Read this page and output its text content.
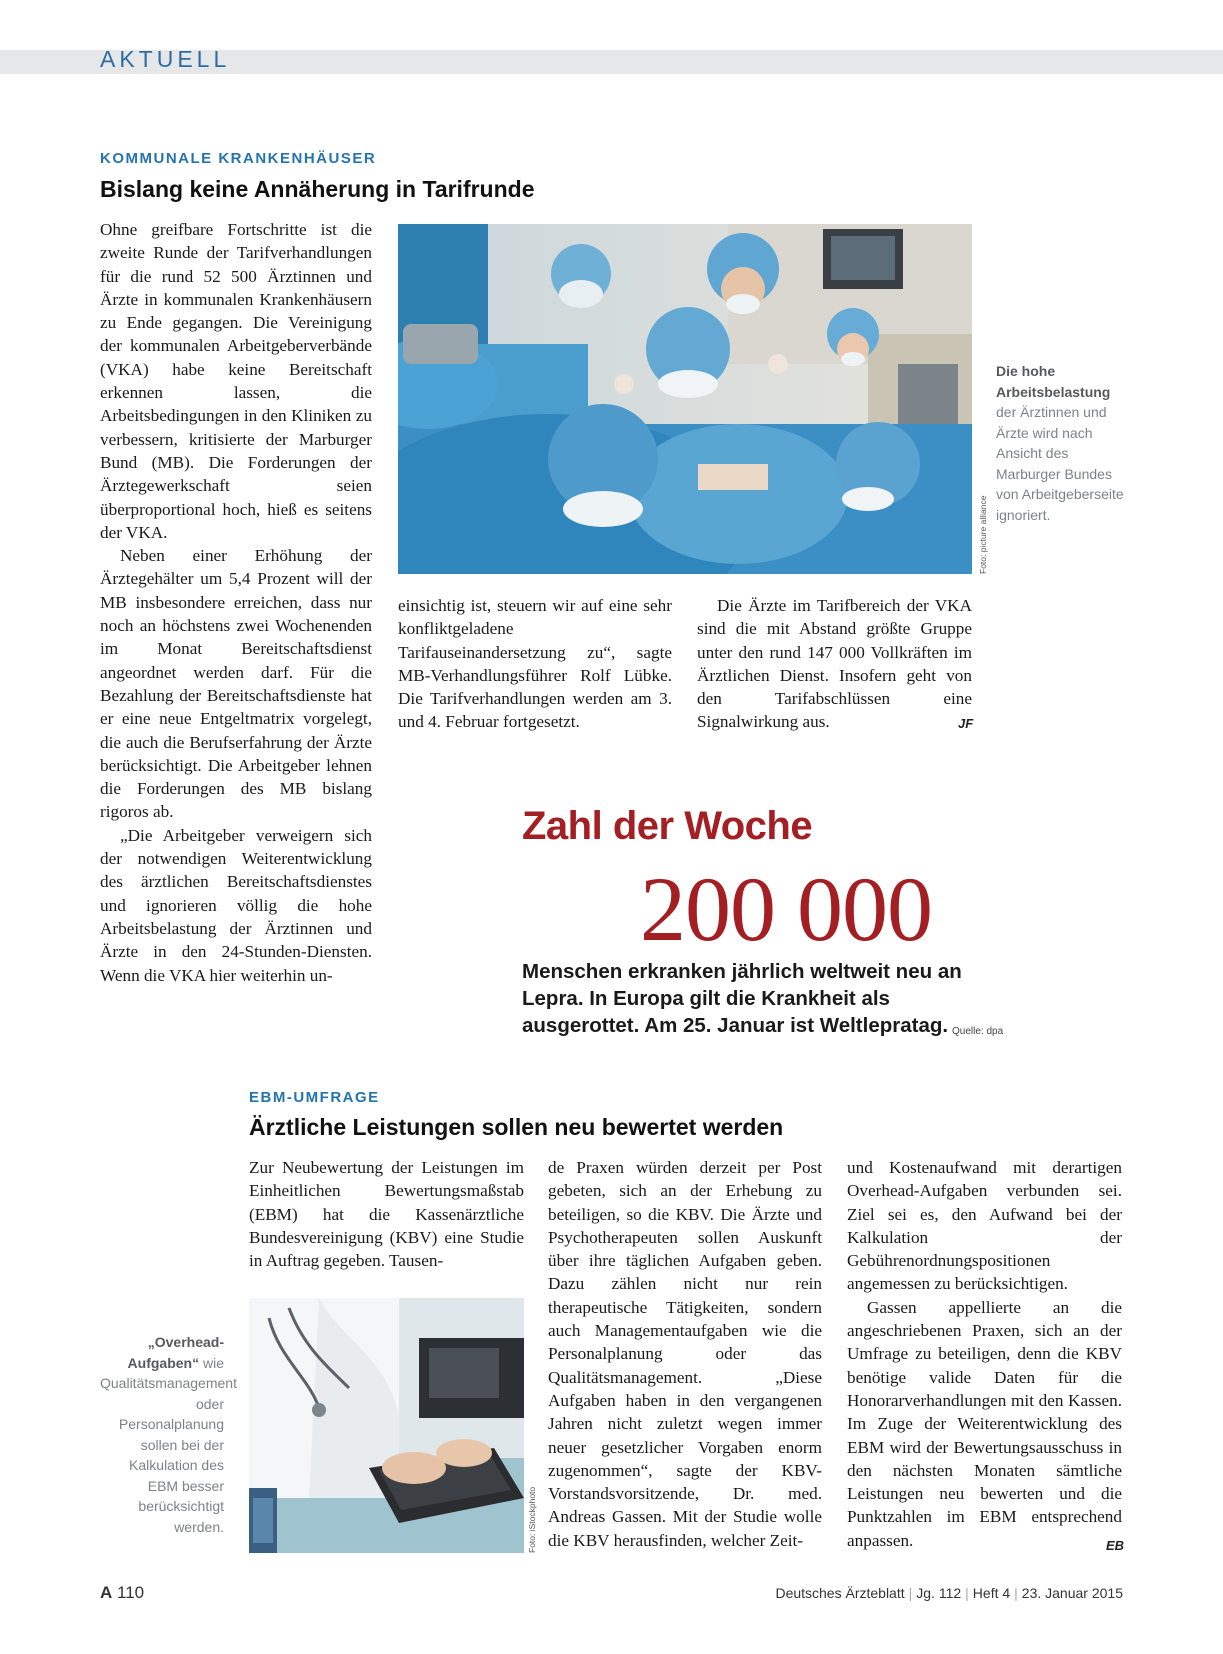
AKTUELL
KOMMUNALE KRANKENHÄUSER
Bislang keine Annäherung in Tarifrunde

Ohne greifbare Fortschritte ist die zweite Runde der Tarifverhandlungen für die rund 52 500 Ärztinnen und Ärzte in kommunalen Krankenhäusern zu Ende gegangen. Die Vereinigung der kommunalen Arbeitgeberverbände (VKA) habe keine Bereitschaft erkennen lassen, die Arbeitsbedingungen in den Kliniken zu verbessern, kritisierte der Marburger Bund (MB). Die Forderungen der Ärztegewerkschaft seien überproportional hoch, hieß es seitens der VKA.

Neben einer Erhöhung der Ärztegehälter um 5,4 Prozent will der MB insbesondere erreichen, dass nur noch an höchstens zwei Wochenenden im Monat Bereitschaftsdienst angeordnet werden darf. Für die Bezahlung der Bereitschaftsdienste hat er eine neue Entgeltmatrix vorgelegt, die auch die Berufserfahrung der Ärzte berücksichtigt. Die Arbeitgeber lehnen die Forderungen des MB bislang rigoros ab.

„Die Arbeitgeber verweigern sich der notwendigen Weiterentwicklung des ärztlichen Bereitschaftsdienstes und ignorieren völlig die hohe Arbeitsbelastung der Ärztinnen und Ärzte in den 24-Stunden-Diensten. Wenn die VKA hier weiterhin un-

Foto: picture alliance
Die hohe Arbeitsbelastung der Ärztinnen und Ärzte wird nach Ansicht des Marburger Bundes von Arbeitgeberseite ignoriert.

einsichtig ist, steuern wir auf eine sehr konfliktgeladene Tarifauseinandersetzung zu“, sagte MB-Verhandlungsführer Rolf Lübke. Die Tarifverhandlungen werden am 3. und 4. Februar fortgesetzt.

Die Ärzte im Tarifbereich der VKA sind die mit Abstand größte Gruppe unter den rund 147 000 Vollkräften im Ärztlichen Dienst. Insofern geht von den Tarifabschlüssen eine Signalwirkung aus.	JF
Zahl der Woche
200 000
Menschen erkranken jährlich weltweit neu an Lepra. In Europa gilt die Krankheit als ausgerottet. Am 25. Januar ist Weltlepratag. Quelle: dpa
EBM-UMFRAGE
Ärztliche Leistungen sollen neu bewertet werden

Zur Neubewertung der Leistungen im Einheitlichen Bewertungsmaßstab (EBM) hat die Kassenärztliche Bundesvereinigung (KBV) eine Studie in Auftrag gegeben. Tausen-

Foto: iStockphoto
„Overhead-Aufgaben“ wie Qualitätsmanagement oder Personalplanung sollen bei der Kalkulation des EBM besser berücksichtigt werden.

de Praxen würden derzeit per Post gebeten, sich an der Erhebung zu beteiligen, so die KBV. Die Ärzte und Psychotherapeuten sollen Auskunft über ihre täglichen Aufgaben geben. Dazu zählen nicht nur rein therapeutische Tätigkeiten, sondern auch Managementaufgaben wie die Personalplanung oder das Qualitätsmanagement. „Diese Aufgaben haben in den vergangenen Jahren nicht zuletzt wegen immer neuer gesetzlicher Vorgaben enorm zugenommen“, sagte der KBV-Vorstandsvorsitzende, Dr. med. Andreas Gassen. Mit der Studie wolle die KBV herausfinden, welcher Zeit-

und Kostenaufwand mit derartigen Overhead-Aufgaben verbunden sei. Ziel sei es, den Aufwand bei der Kalkulation der Gebührenordnungspositionen angemessen zu berücksichtigen.

Gassen appellierte an die angeschriebenen Praxen, sich an der Umfrage zu beteiligen, denn die KBV benötige valide Daten für die Honorarverhandlungen mit den Kassen. Im Zuge der Weiterentwicklung des EBM wird der Bewertungsausschuss in den nächsten Monaten sämtliche Leistungen neu bewerten und die Punktzahlen im EBM entsprechend anpassen.	EB
A 110	Deutsches Ärzteblatt | Jg. 112 | Heft 4 | 23. Januar 2015
